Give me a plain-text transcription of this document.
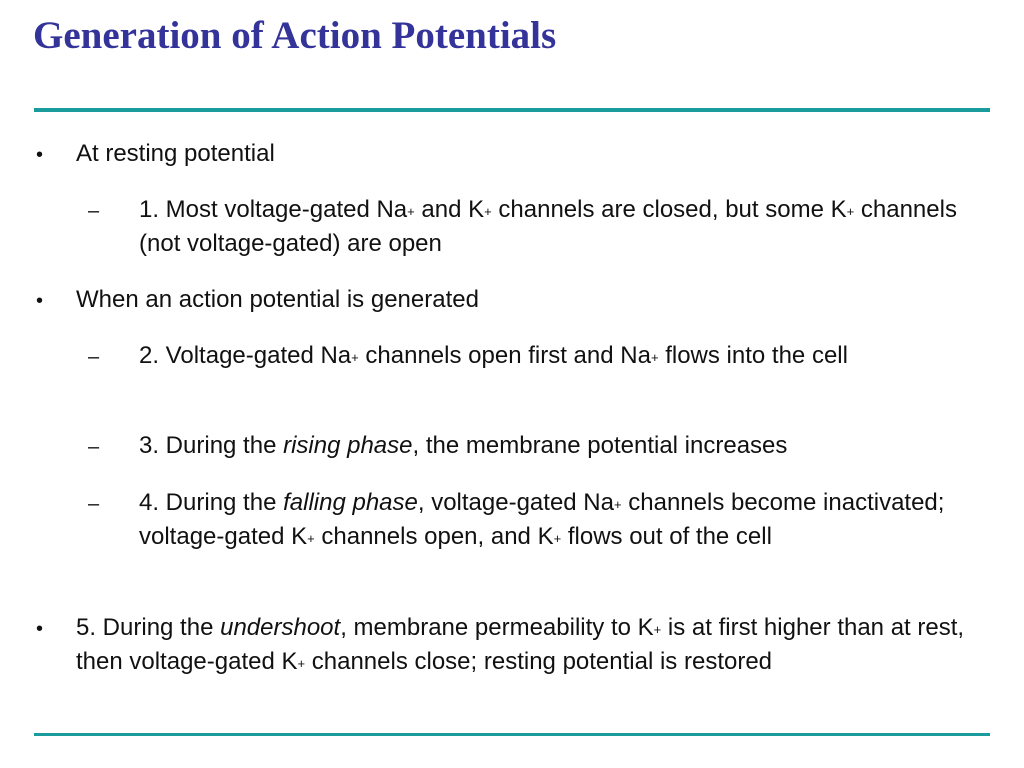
Generation of Action Potentials
• At resting potential

– 1. Most voltage-gated Na+ and K+ channels are closed, but some K+ channels (not voltage-gated) are open

• When an action potential is generated

– 2. Voltage-gated Na+ channels open first and Na+ flows into the cell

– 3. During the rising phase, the membrane potential increases

– 4. During the falling phase, voltage-gated Na+ channels become inactivated; voltage-gated K+ channels open, and K+ flows out of the cell

• 5. During the undershoot, membrane permeability to K+ is at first higher than at rest, then voltage-gated K+ channels close; resting potential is restored
